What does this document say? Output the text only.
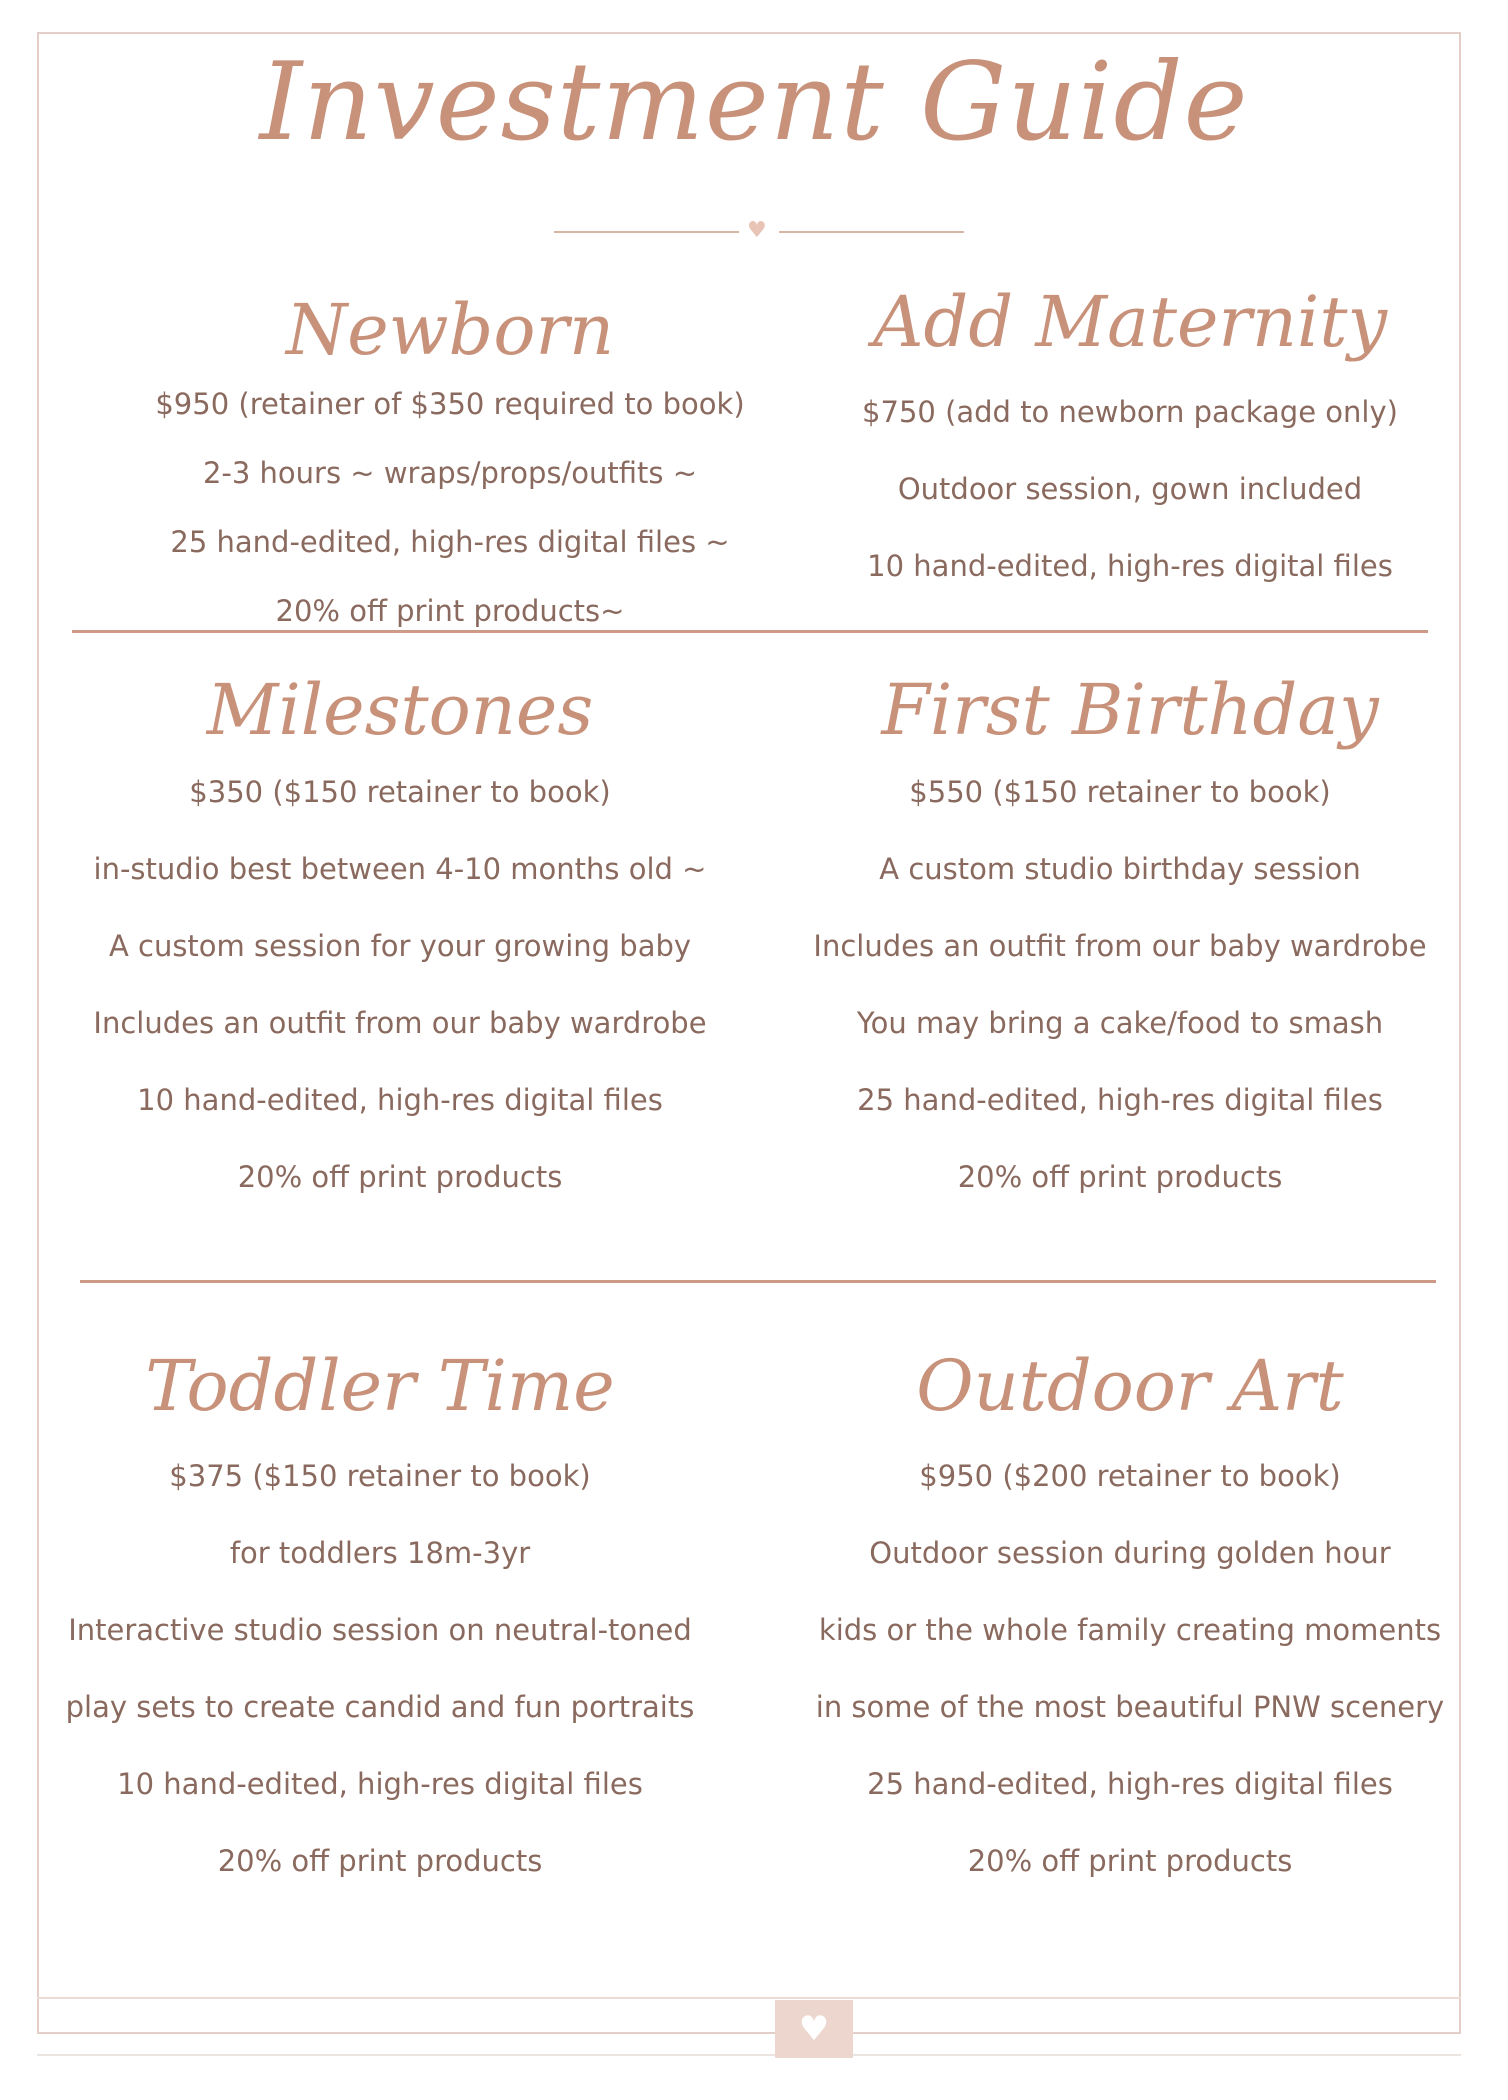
Investment Guide
♥
Newborn
$950 (retainer of $350 required to book)
2-3 hours ~ wraps/props/outfits ~
25 hand-edited, high-res digital files ~
20% off print products~
Add Maternity
$750 (add to newborn package only)
Outdoor session, gown included
10 hand-edited, high-res digital files
Milestones
$350 ($150 retainer to book)
in-studio best between 4-10 months old ~
A custom session for your growing baby
Includes an outfit from our baby wardrobe
10 hand-edited, high-res digital files
20% off print products
First Birthday
$550 ($150 retainer to book)
A custom studio birthday session
Includes an outfit from our baby wardrobe
You may bring a cake/food to smash
25 hand-edited, high-res digital files
20% off print products
Toddler Time
$375 ($150 retainer to book)
for toddlers 18m-3yr
Interactive studio session on neutral-toned
play sets to create candid and fun portraits
10 hand-edited, high-res digital files
20% off print products
Outdoor Art
$950 ($200 retainer to book)
Outdoor session during golden hour
kids or the whole family creating moments
in some of the most beautiful PNW scenery
25 hand-edited, high-res digital files
20% off print products
♥
